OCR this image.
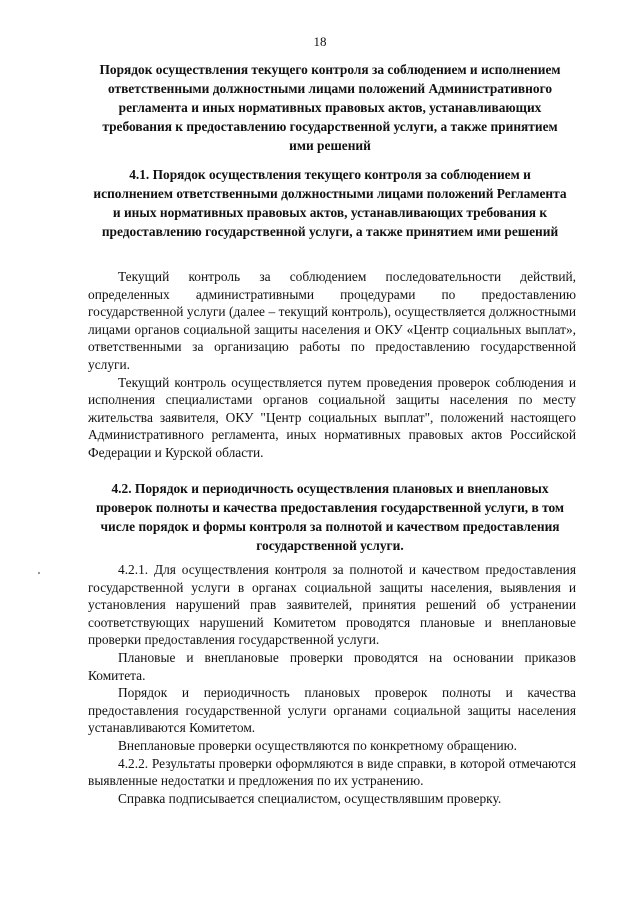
18
Порядок осуществления текущего контроля за соблюдением и исполнением ответственными должностными лицами положений Административного регламента и иных нормативных правовых актов, устанавливающих требования к предоставлению государственной услуги, а также принятием ими решений
4.1. Порядок осуществления текущего контроля за соблюдением и исполнением ответственными должностными лицами положений Регламента и иных нормативных правовых актов, устанавливающих требования к предоставлению государственной услуги, а также принятием ими решений

Текущий контроль за соблюдением последовательности действий, определенных административными процедурами по предоставлению государственной услуги (далее – текущий контроль), осуществляется должностными лицами органов социальной защиты населения и ОКУ «Центр социальных выплат», ответственными за организацию работы по предоставлению государственной услуги.

Текущий контроль осуществляется путем проведения проверок соблюдения и исполнения специалистами органов социальной защиты населения по месту жительства заявителя, ОКУ "Центр социальных выплат", положений настоящего Административного регламента, иных нормативных правовых актов Российской Федерации и Курской области.

4.2. Порядок и периодичность осуществления плановых и внеплановых проверок полноты и качества предоставления государственной услуги, в том числе порядок и формы контроля за полнотой и качеством предоставления государственной услуги.

4.2.1. Для осуществления контроля за полнотой и качеством предоставления государственной услуги в органах социальной защиты населения, выявления и установления нарушений прав заявителей, принятия решений об устранении соответствующих нарушений Комитетом проводятся плановые и внеплановые проверки предоставления государственной услуги.

Плановые и внеплановые проверки проводятся на основании приказов Комитета.

Порядок и периодичность плановых проверок полноты и качества предоставления государственной услуги органами социальной защиты населения устанавливаются Комитетом.

Внеплановые проверки осуществляются по конкретному обращению.

4.2.2. Результаты проверки оформляются в виде справки, в которой отмечаются выявленные недостатки и предложения по их устранению.

Справка подписывается специалистом, осуществлявшим проверку.
